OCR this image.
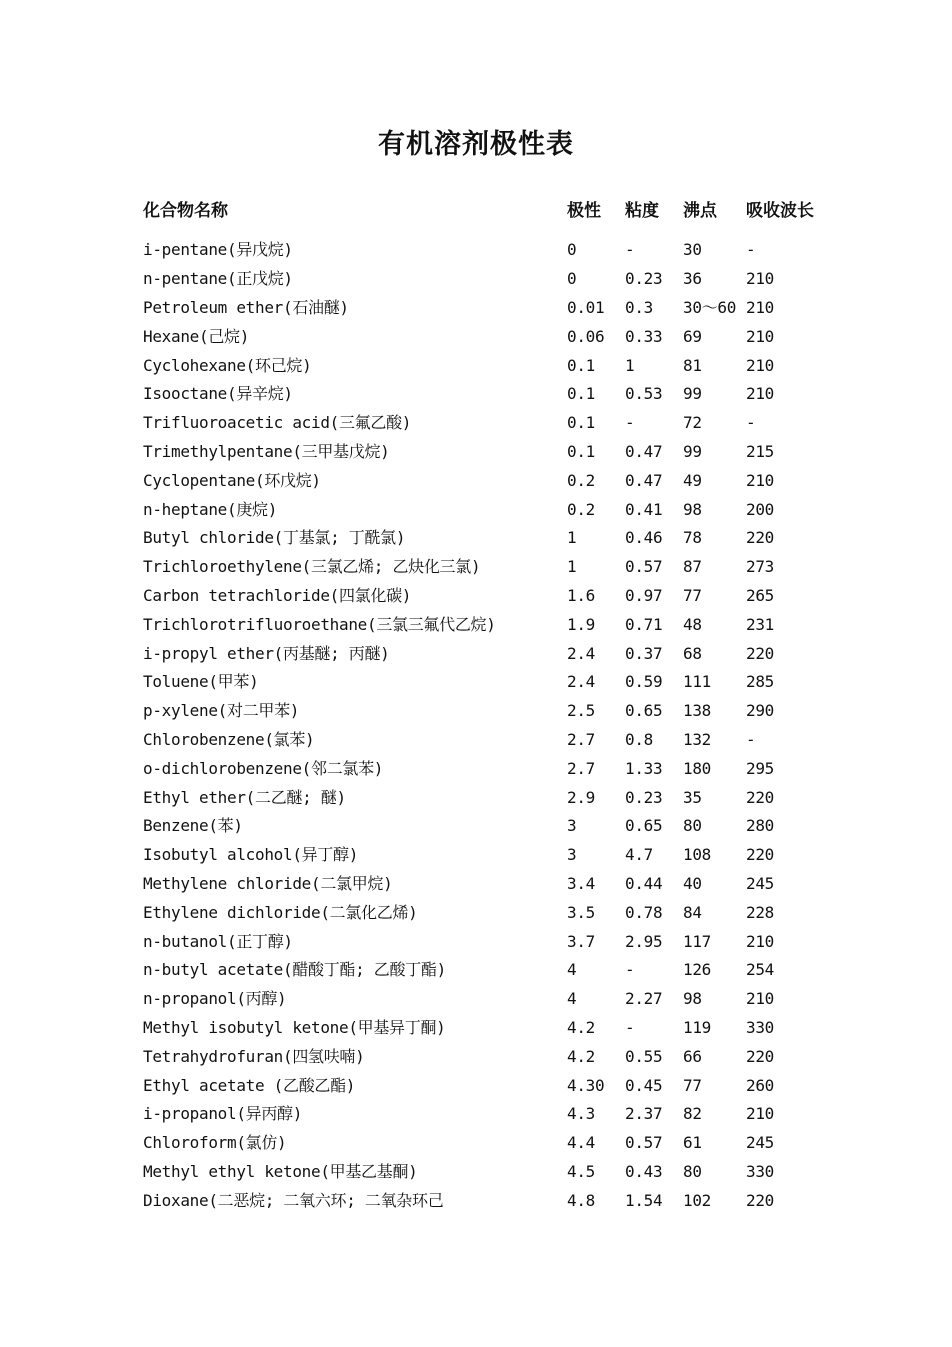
有机溶剂极性表
化合物名称	极性	粘度	沸点	吸收波长
i-pentane(异戊烷)	0	-	30	-
n-pentane(正戊烷)	0	0.23	36	210
Petroleum ether(石油醚)	0.01	0.3	30～60	210
Hexane(己烷)	0.06	0.33	69	210
Cyclohexane(环己烷)	0.1	1	81	210
Isooctane(异辛烷)	0.1	0.53	99	210
Trifluoroacetic acid(三氟乙酸)	0.1	-	72	-
Trimethylpentane(三甲基戊烷)	0.1	0.47	99	215
Cyclopentane(环戊烷)	0.2	0.47	49	210
n-heptane(庚烷)	0.2	0.41	98	200
Butyl chloride(丁基氯; 丁酰氯)	1	0.46	78	220
Trichloroethylene(三氯乙烯; 乙炔化三氯)	1	0.57	87	273
Carbon tetrachloride(四氯化碳)	1.6	0.97	77	265
Trichlorotrifluoroethane(三氯三氟代乙烷)	1.9	0.71	48	231
i-propyl ether(丙基醚; 丙醚)	2.4	0.37	68	220
Toluene(甲苯)	2.4	0.59	111	285
p-xylene(对二甲苯)	2.5	0.65	138	290
Chlorobenzene(氯苯)	2.7	0.8	132	-
o-dichlorobenzene(邻二氯苯)	2.7	1.33	180	295
Ethyl ether(二乙醚; 醚)	2.9	0.23	35	220
Benzene(苯)	3	0.65	80	280
Isobutyl alcohol(异丁醇)	3	4.7	108	220
Methylene chloride(二氯甲烷)	3.4	0.44	40	245
Ethylene dichloride(二氯化乙烯)	3.5	0.78	84	228
n-butanol(正丁醇)	3.7	2.95	117	210
n-butyl acetate(醋酸丁酯; 乙酸丁酯)	4	-	126	254
n-propanol(丙醇)	4	2.27	98	210
Methyl isobutyl ketone(甲基异丁酮)	4.2	-	119	330
Tetrahydrofuran(四氢呋喃)	4.2	0.55	66	220
Ethyl acetate (乙酸乙酯)	4.30	0.45	77	260
i-propanol(异丙醇)	4.3	2.37	82	210
Chloroform(氯仿)	4.4	0.57	61	245
Methyl ethyl ketone(甲基乙基酮)	4.5	0.43	80	330
Dioxane(二恶烷; 二氧六环; 二氧杂环己	4.8	1.54	102	220
